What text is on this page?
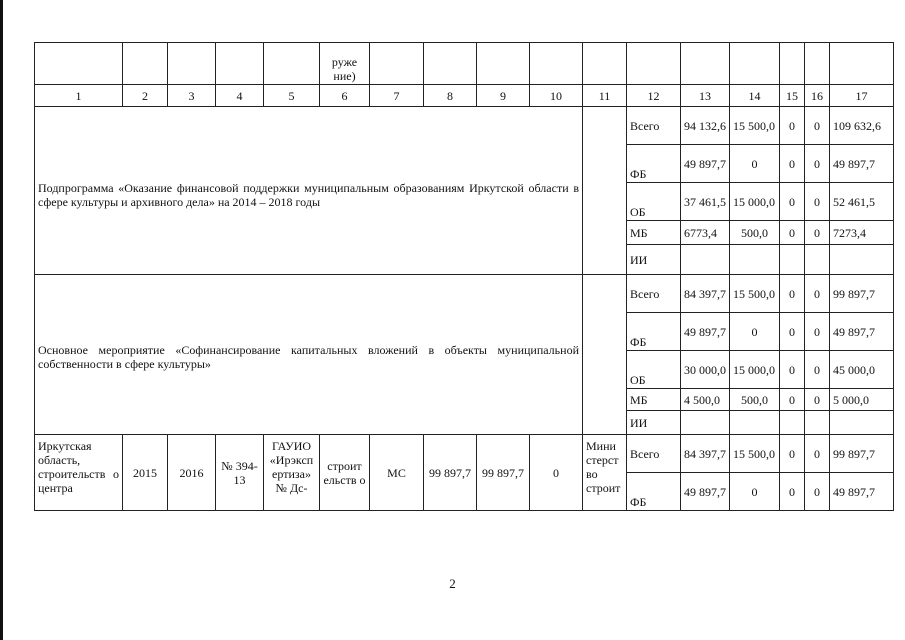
					руже ние)											
1	2	3	4	5	6	7	8	9	10	11	12	13	14	15	16	17
Подпрограмма «Оказание финансовой поддержки муниципальным образованиям Иркутской области в сфере культуры и архивного дела» на 2014 – 2018 годы											Всего	94 132,6	15 500,0	0	0	109 632,6
											ФБ	49 897,7	0	0	0	49 897,7
											ОБ	37 461,5	15 000,0	0	0	52 461,5
											МБ	6773,4	500,0	0	0	7273,4
											ИИ					
Основное мероприятие «Софинансирование капитальных вложений в объекты муниципальной собственности в сфере культуры»											Всего	84 397,7	15 500,0	0	0	99 897,7
											ФБ	49 897,7	0	0	0	49 897,7
											ОБ	30 000,0	15 000,0	0	0	45 000,0
											МБ	4 500,0	500,0	0	0	5 000,0
											ИИ					
Иркутская область, строительств о центра	2015	2016	№ 394-13	ГАУИО «Ирэксп ертиза» № Дс-	строит ельств о	МС	99 897,7	99 897,7	0	Мини стерст во строит	Всего	84 397,7	15 500,0	0	0	99 897,7
											ФБ	49 897,7	0	0	0	49 897,7
2
